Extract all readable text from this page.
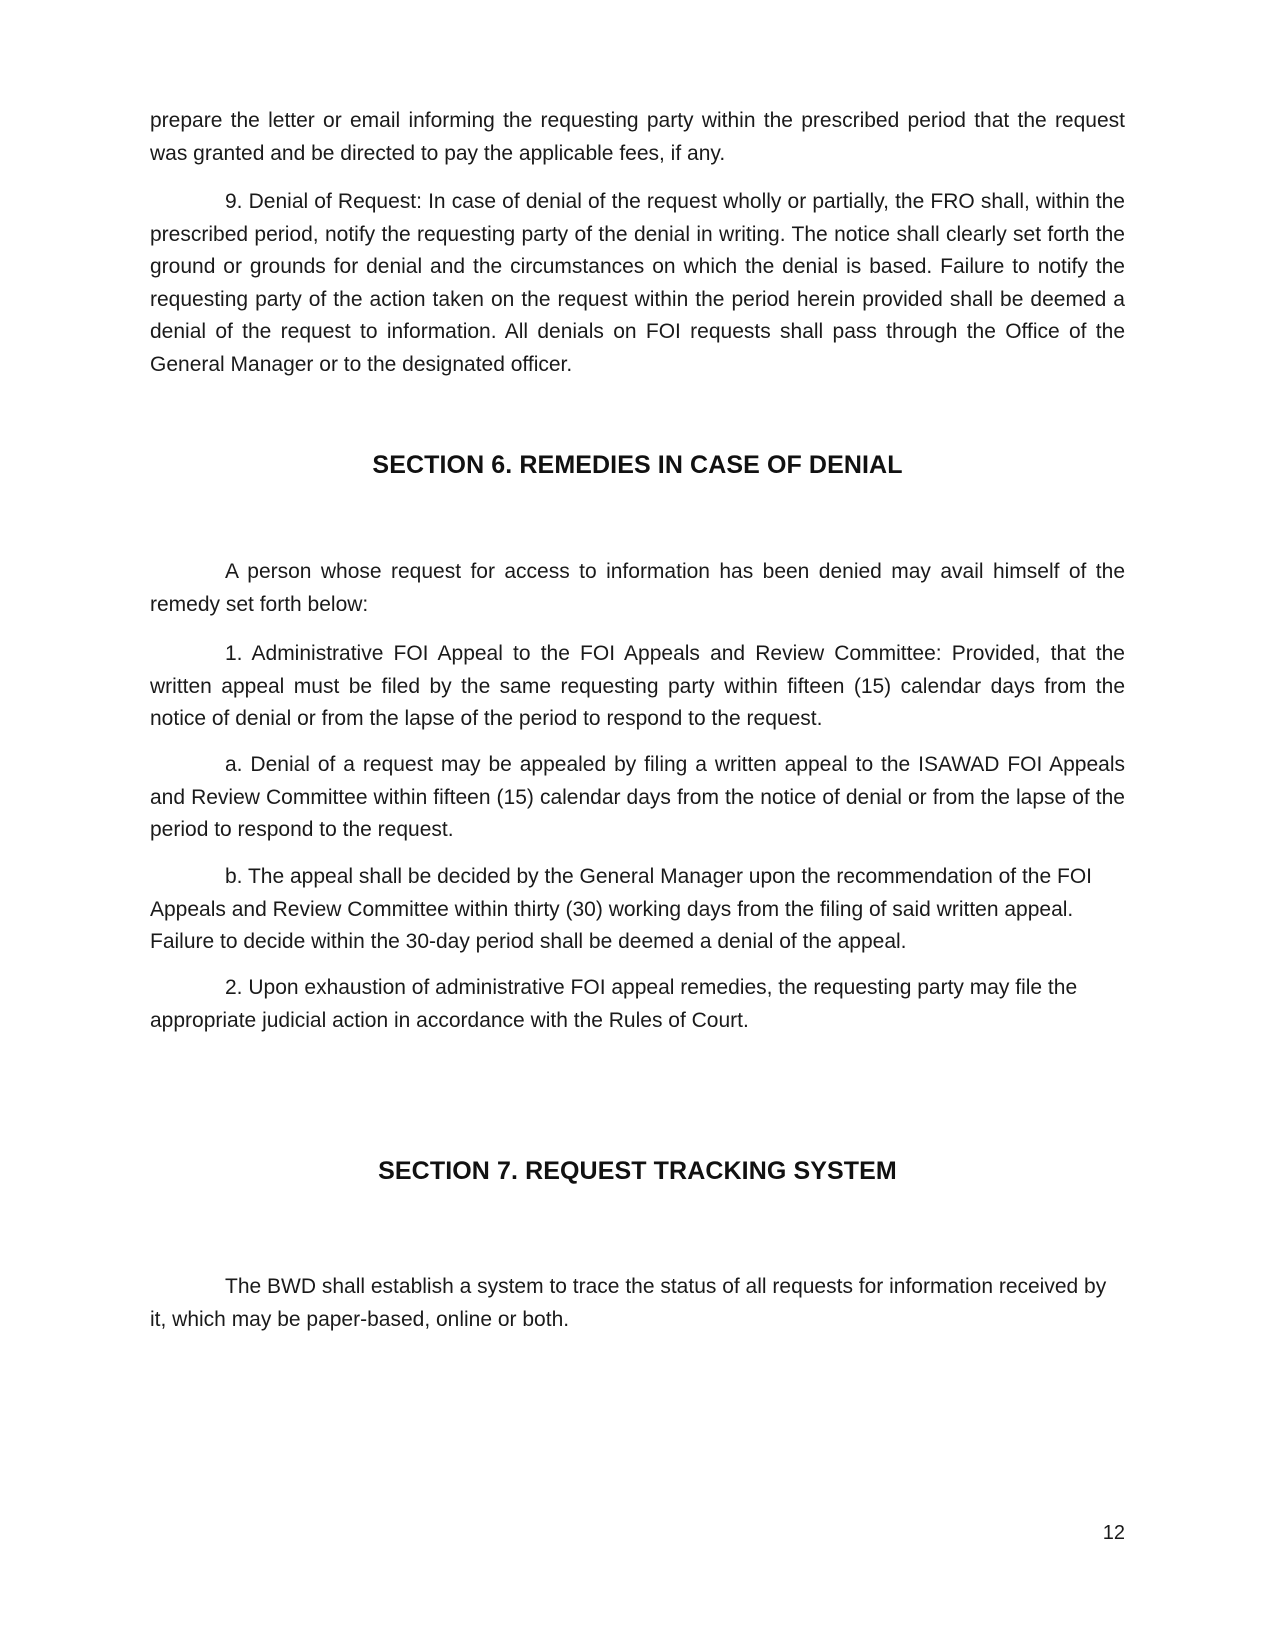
prepare the letter or email informing the requesting party within the prescribed period that the request was granted and be directed to pay the applicable fees, if any.

9. Denial of Request: In case of denial of the request wholly or partially, the FRO shall, within the prescribed period, notify the requesting party of the denial in writing. The notice shall clearly set forth the ground or grounds for denial and the circumstances on which the denial is based. Failure to notify the requesting party of the action taken on the request within the period herein provided shall be deemed a denial of the request to information. All denials on FOI requests shall pass through the Office of the General Manager or to the designated officer.

SECTION 6. REMEDIES IN CASE OF DENIAL

A person whose request for access to information has been denied may avail himself of the remedy set forth below:

1. Administrative FOI Appeal to the FOI Appeals and Review Committee: Provided, that the written appeal must be filed by the same requesting party within fifteen (15) calendar days from the notice of denial or from the lapse of the period to respond to the request.

a. Denial of a request may be appealed by filing a written appeal to the ISAWAD FOI Appeals and Review Committee within fifteen (15) calendar days from the notice of denial or from the lapse of the period to respond to the request.

b. The appeal shall be decided by the General Manager upon the recommendation of the FOI Appeals and Review Committee within thirty (30) working days from the filing of said written appeal. Failure to decide within the 30-day period shall be deemed a denial of the appeal.

2. Upon exhaustion of administrative FOI appeal remedies, the requesting party may file the appropriate judicial action in accordance with the Rules of Court.

SECTION 7. REQUEST TRACKING SYSTEM

The BWD shall establish a system to trace the status of all requests for information received by it, which may be paper-based, online or both.

12
